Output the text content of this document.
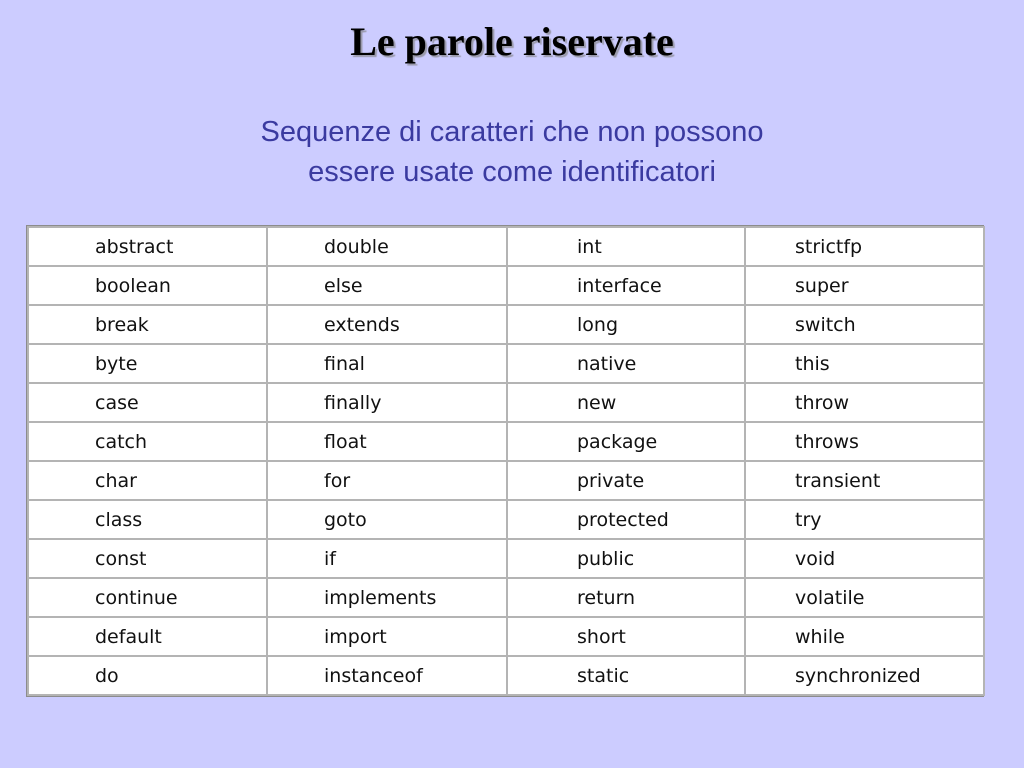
Le parole riservate
Sequenze di caratteri che non possono
essere usate come identificatori
abstract	double	int	strictfp
boolean	else	interface	super
break	extends	long	switch
byte	final	native	this
case	finally	new	throw
catch	float	package	throws
char	for	private	transient
class	goto	protected	try
const	if	public	void
continue	implements	return	volatile
default	import	short	while
do	instanceof	static	synchronized
